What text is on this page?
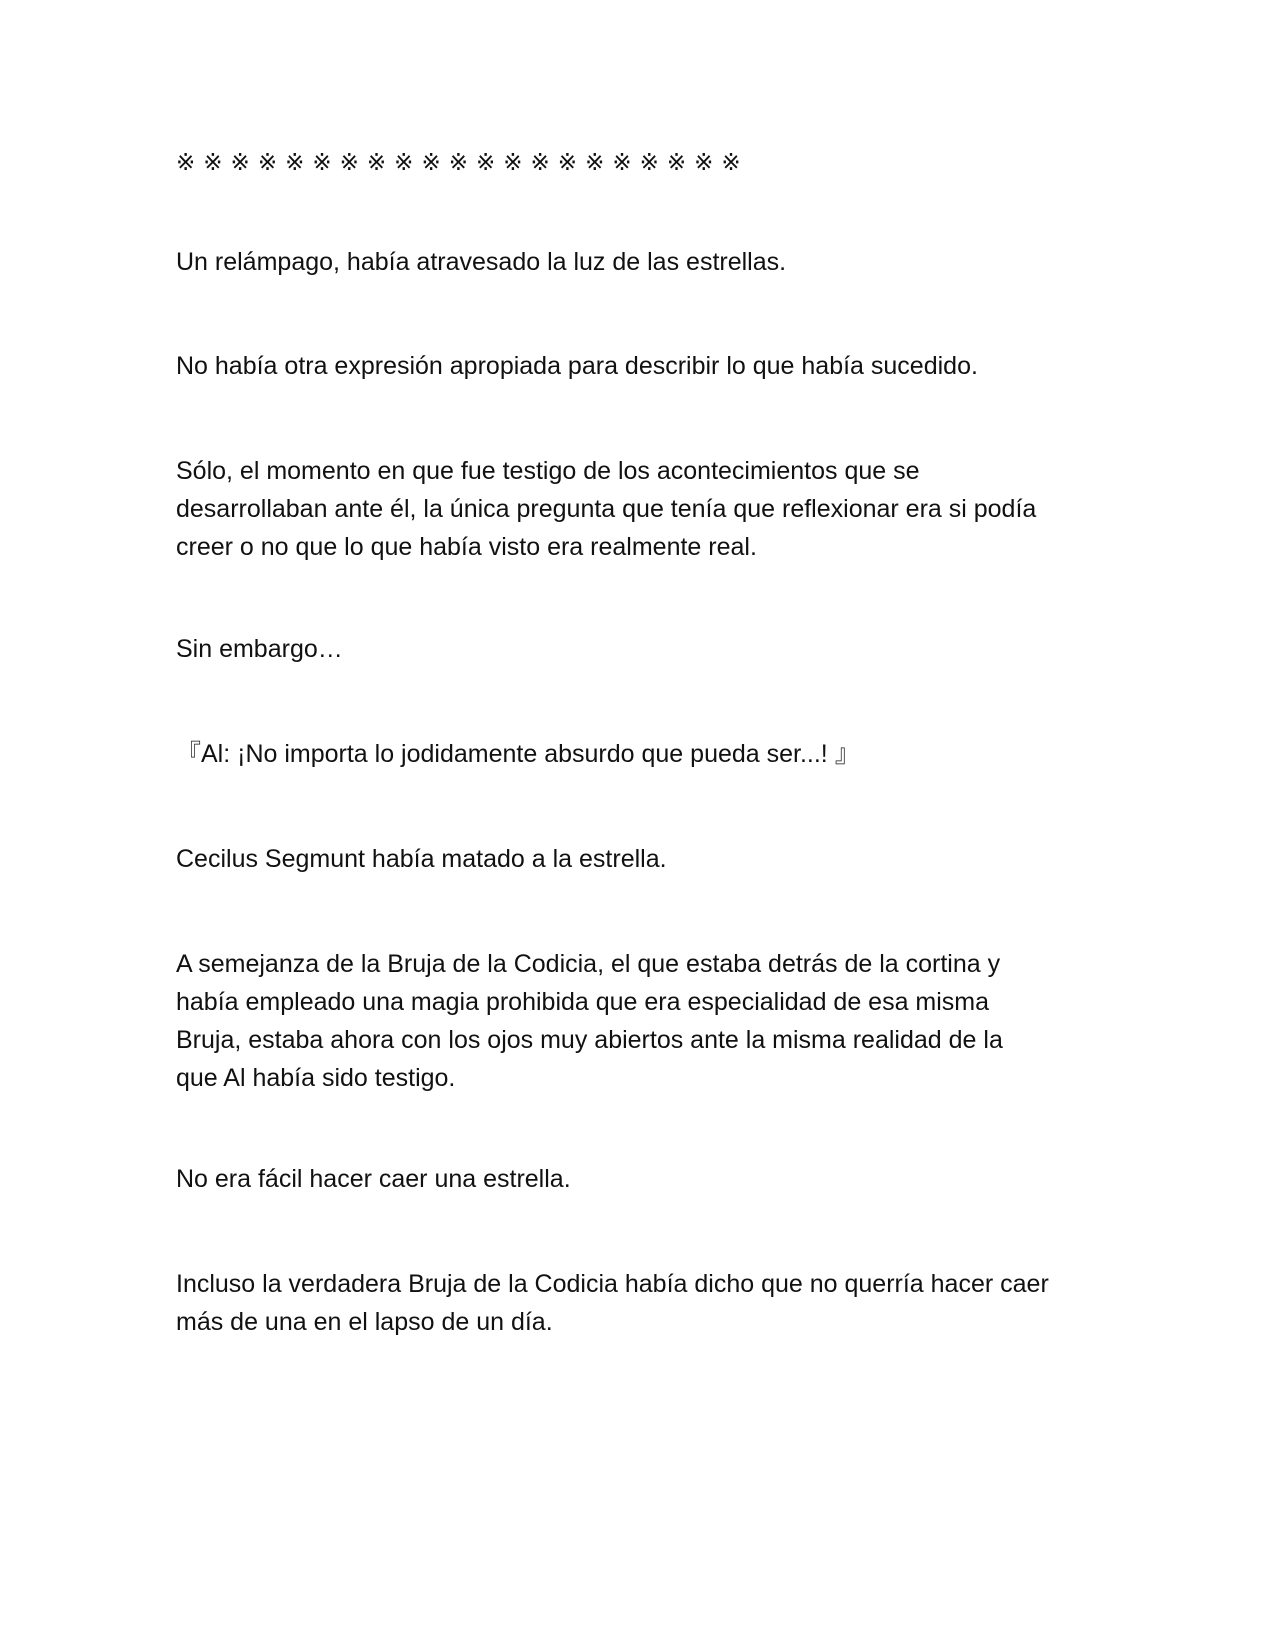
※※※※※※※※※※※※※※※※※※※※※

Un relámpago, había atravesado la luz de las estrellas.

No había otra expresión apropiada para describir lo que había sucedido.

Sólo, el momento en que fue testigo de los acontecimientos que se
desarrollaban ante él, la única pregunta que tenía que reflexionar era si podía
creer o no que lo que había visto era realmente real.

Sin embargo…

『Al: ¡No importa lo jodidamente absurdo que pueda ser...! 』

Cecilus Segmunt había matado a la estrella.

A semejanza de la Bruja de la Codicia, el que estaba detrás de la cortina y
había empleado una magia prohibida que era especialidad de esa misma
Bruja, estaba ahora con los ojos muy abiertos ante la misma realidad de la
que Al había sido testigo.

No era fácil hacer caer una estrella.

Incluso la verdadera Bruja de la Codicia había dicho que no querría hacer caer
más de una en el lapso de un día.
